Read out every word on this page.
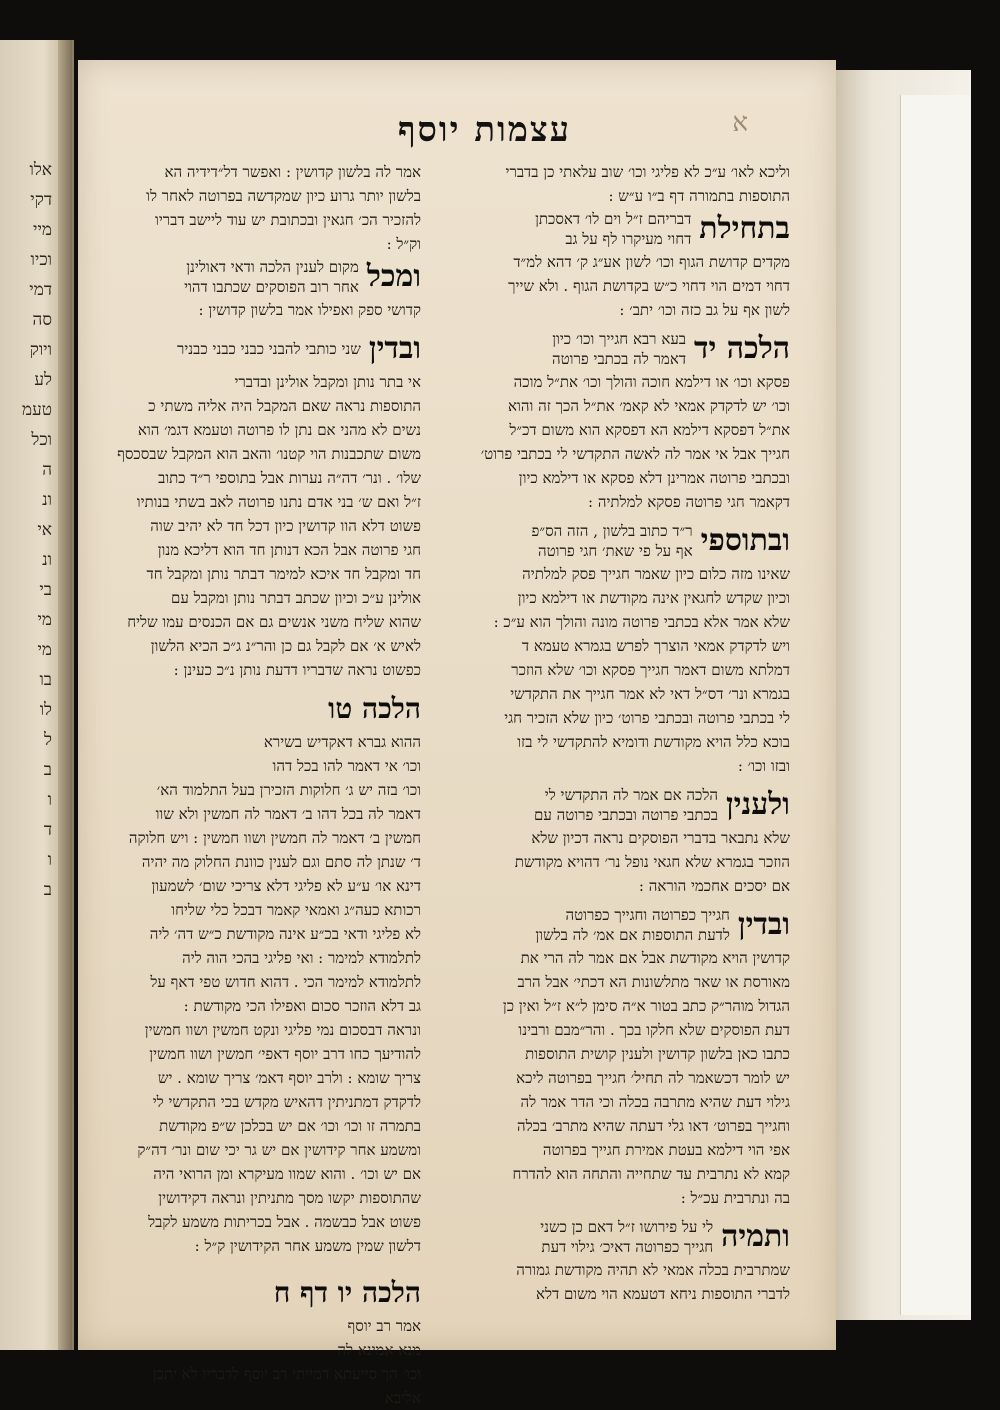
אלו
דקי
מיי
וכיו
דמי
סה
ויוק
לע
טעמ
וכל
ה
ונ
אי
ונ
בי
מי
מי
בו
לו
ל
ב
ו
ד
ו
ב
א
עצמות יוסף
וליכא לאו׳ ע״כ לא פליגי וכו׳ שוב עלאתי כן בדברי
התוספות בתמורה דף ב״ו ע״ש :
בתחילת
דבריהם ז״ל וים לו׳ דאסכתן
דחוי מעיקרו לף על גב
מקדים קדושת הגוף וכו׳ לשון אע״ג ק׳ דהא למ״ד
דחוי דמים הוי דחוי כ״ש בקדושת הגוף . ולא שייך
לשון אף על גב כזה וכו׳ יתב׳ :
הלכה יד
בעא רבא חגייך וכו׳ כיון
דאמר לה בכתבי פרוטה
פסקא וכו׳ או דילמא חוכה והולך וכו׳ את״ל מוכה
וכו׳ יש לדקדק אמאי לא קאמ׳ את״ל הכך זה והוא
את״ל דפסקא דילמא הא דפסקא הוא משום דכ״ל
חגייך אבל אי אמר לה לאשה התקדשי לי בכתבי פרוט׳
ובכתבי פרוטה אמרינן דלא פסקא או דילמא כיון
דקאמר חגי פרוטה פסקא למלתיה :
ובתוספי
ר״ד כתוב בלשון , הזה הס״פ
אף על פי שאת׳ חגי פרוטה
שאינו מזה כלום כיון שאמר חגייך פסק למלתיה
וכיון שקדש לחגאין אינה מקודשת או דילמא כיון
שלא אמר אלא בכתבי פרוטה מונה והולך הוא ע״כ :
ויש לדקדק אמאי הוצרך לפרש בגמרא טעמא ד
דמלתא משום דאמר חגייך פסקא וכו׳ שלא הוזכר
בגמרא ונר׳ דס״ל דאי לא אמר חגייך את התקדשי
לי בכתבי פרוטה ובכתבי פרוט׳ כיון שלא הזכיר חגי
בוכא כלל הויא מקודשת ודומיא להתקדשי לי בזו
ובזו וכו׳ :
ולענין
הלכה אם אמר לה התקדשי לי
בכתבי פרוטה ובכתבי פרוטה עם
שלא נתבאר בדברי הפוסקים נראה דכיון שלא
הוזכר בגמרא שלא חגאי נופל נר׳ דהויא מקודשת
אם יסכים אחכמי הוראה :
ובדין
חגייך כפרוטה וחגייך כפרוטה
לדעת התוספות אם אמ׳ לה בלשון
קדושין הויא מקודשת אבל אם אמר לה הרי את
מאורסת או שאר מתלשונות הא דכתי׳ אבל הרב
הגדול מוהר״ק כתב בטור א״ה סימן ל״א ז״ל ואין כן
דעת הפוסקים שלא חלקו בכך . והר״מבם ורבינו
כתבו כאן בלשון קדושין ולענין קושית התוספות
יש לומר דכשאמר לה תחיל׳ חגייך בפרוטה ליכא
גילוי דעת שהיא מתרבה בכלה וכי הדר אמר לה
וחגייך בפרוט׳ דאו גלי דעתה שהיא מתרב׳ בכלה
אפי הוי דילמא בעטת אמירת חגייך בפרוטה
קמא לא נתרבית עד שתחייה והתחה הוא להדרח
בה ונתרבית עכ״ל :
ותמיה
לי על פירושו ז״ל דאם כן כשני
חגייך כפרוטה דאיכ׳ גילוי דעת
שמתרבית בכלה אמאי לא תהיה מקודשת גמורה
לדברי התוספות ניחא דטעמא הוי משום דלא
אמר לה בלשון קדושין : ואפשר דל״דידיה הא
בלשון יותר גרוע כיון שמקדשה בפרוטה לאחר לו
להזכיר הכ׳ חגאין ובכתובת יש עוד ליישב דבריו
וק״ל :
ומכל
מקום לענין הלכה ודאי דאולינן
אחר רוב הפוסקים שכתבו דהוי
קדושי ספק ואפילו אמר בלשון קדושין :
ובדין
שני כותבי להבני כבני כבני כבניר
אי בתר נותן ומקבל אולינן ובדברי
התוספות נראה שאם המקבל היה אליה משתי כ
נשים לא מהני אם נתן לו פרוטה וטעמא דגמ׳ הוא
משום שתכבנות הוי קטנו׳ והאב הוא המקבל שבסכסף
שלו׳ . ונר׳ דה״ה נערות אבל בתוספי ר״ד כתוב
ז״ל ואם ש׳ בני אדם נתנו פרוטה לאב בשתי בנותיו
פשוט דלא הוו קדושין כיון דכל חד לא יהיב שוה
חגי פרוטה אבל הכא דנותן חד הוא דליכא מנון
חד ומקבל חד איכא למימר דבתר נותן ומקבל חד
אולינן ע״כ וכיון שכתב דבתר נותן ומקבל עם
שהוא שליח משני אנשים גם אם הכנסים עמו שליח
לאיש א׳ אם לקבל גם כן והר״נ ג״כ הכיא הלשון
כפשוט נראה שדבריו דדעת נותן נ״כ כעינן :
הלכה טו
ההוא גברא דאקדיש בשירא
וכו׳ אי דאמר להו בכל דהו
וכו׳ בזה יש ג׳ חלוקות הזכירן בעל התלמוד הא׳
דאמר לה בכל דהו ב׳ דאמר לה חמשין ולא שוו
חמשין ב׳ דאמר לה חמשין ושוו חמשין : ויש חלוקה
ד׳ שנתן לה סתם וגם לענין כוונת החלוק מה יהיה
דינא או׳ ע״ע לא פליגי דלא צריכי שום׳ לשמעון
רכותא כעה״ג ואמאי קאמר דבכל כלי שליחו
לא פליגי ודאי בכ״ע אינה מקודשת כ״ש דה׳ ליה
לתלמודא למימר : ואי פליגי בהכי הוה ליה
לתלמודא למימר הכי . דהוא חדוש טפי דאף על
גב דלא הוזכר סכום ואפילו הכי מקודשת :
ונראה דבסכום נמי פליגי ונקט חמשין ושוו חמשין
להודיעך כחו דרב יוסף דאפי׳ חמשין ושוו חמשין
צריך שומא : ולרב יוסף דאמ׳ צריך שומא . יש
לדקדק דמתניתין דהאיש מקדש בכי התקדשי לי
בתמרה זו וכו׳ וכו׳ אם יש בכלכן ש״פ מקודשת
ומשמע אחר קידושין אם יש גר יכי שום ונר׳ דה״ק
אם יש וכו׳ . והוא שמוו מעיקרא ומן הרואי היה
שהתוספות יקשו מסך מתניתין ונראה דקידושין
פשוט אבל כבשמה . אבל בכריתות משמע לקבל
דלשון שמין משמע אחר הקידושין ק״ל :
הלכה יו דף ח
אמר רב יוסף
מנא אמינא לה
וכו׳ הך סייעתא דמייתי רב יוסף לדבריו לא יתכן
אליבא
